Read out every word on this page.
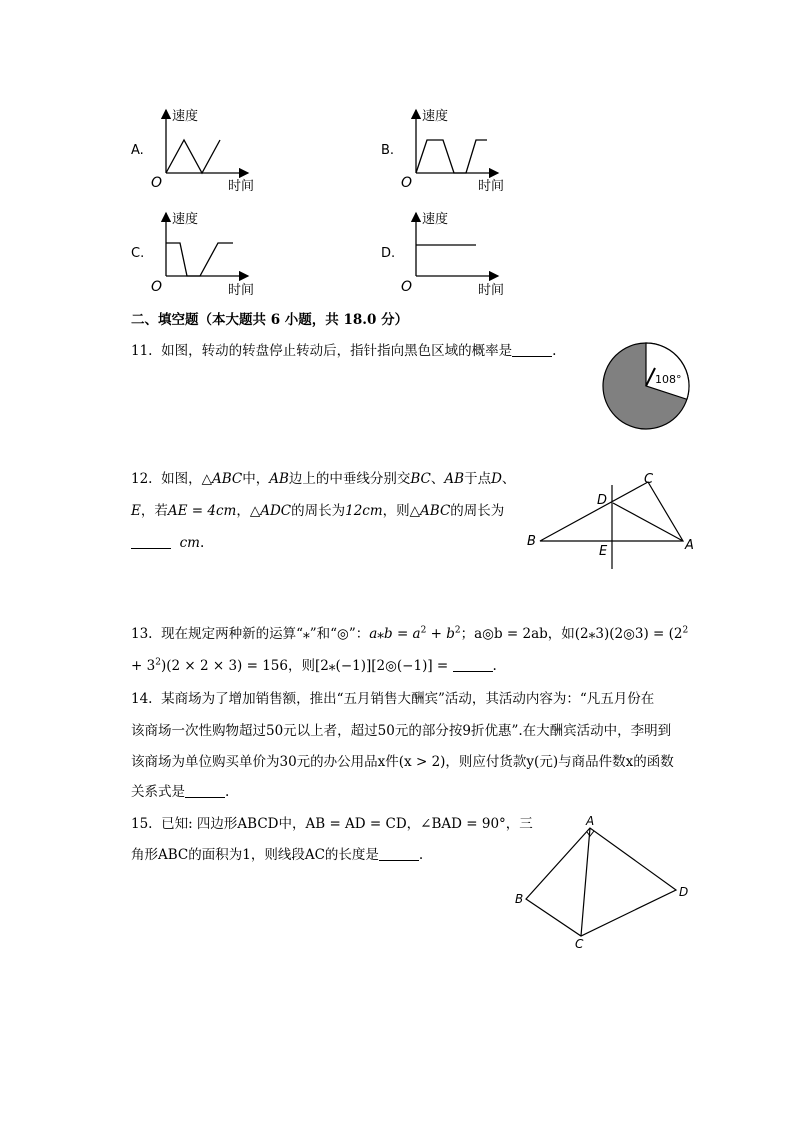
A.
速度
时间
O
B.
速度
时间
O
C.
速度
时间
O
D.
速度
时间
O
二、填空题（本大题共 6 小题，共 18.0 分）
11. 如图，转动的转盘停止转动后，指针指向黑色区域的概率是	.
108°
12. 如图，△ABC中，AB边上的中垂线分别交BC、AB于点D、
E，若AE = 4cm，△ADC的周长为12cm，则△ABC的周长为
cm.	B	A
C
D
E
13. 现在规定两种新的运算“⁎”和“◎”：a⁎b = $a^2 + b^2$；a◎b = 2ab，如(2⁎3)(2◎3) = ($2^2$
+ $3^2)(2 \times 2 \times 3) = 156$，则[2⁎(−1)][2◎(−1)] =	.
14. 某商场为了增加销售额，推出“五月销售大酬宾”活动，其活动内容为：“凡五月份在
该商场一次性购物超过50元以上者，超过50元的部分按9折优惠”.在大酬宾活动中，李明到
该商场为单位购买单价为30元的办公用品x件(x > 2)，则应付货款y(元)与商品件数x的函数
关系式是	.
15. 已知: 四边形ABCD中，AB = AD = CD，∠BAD = 90°，三
角形ABC的面积为1，则线段AC的长度是	.
A
B
C
D
